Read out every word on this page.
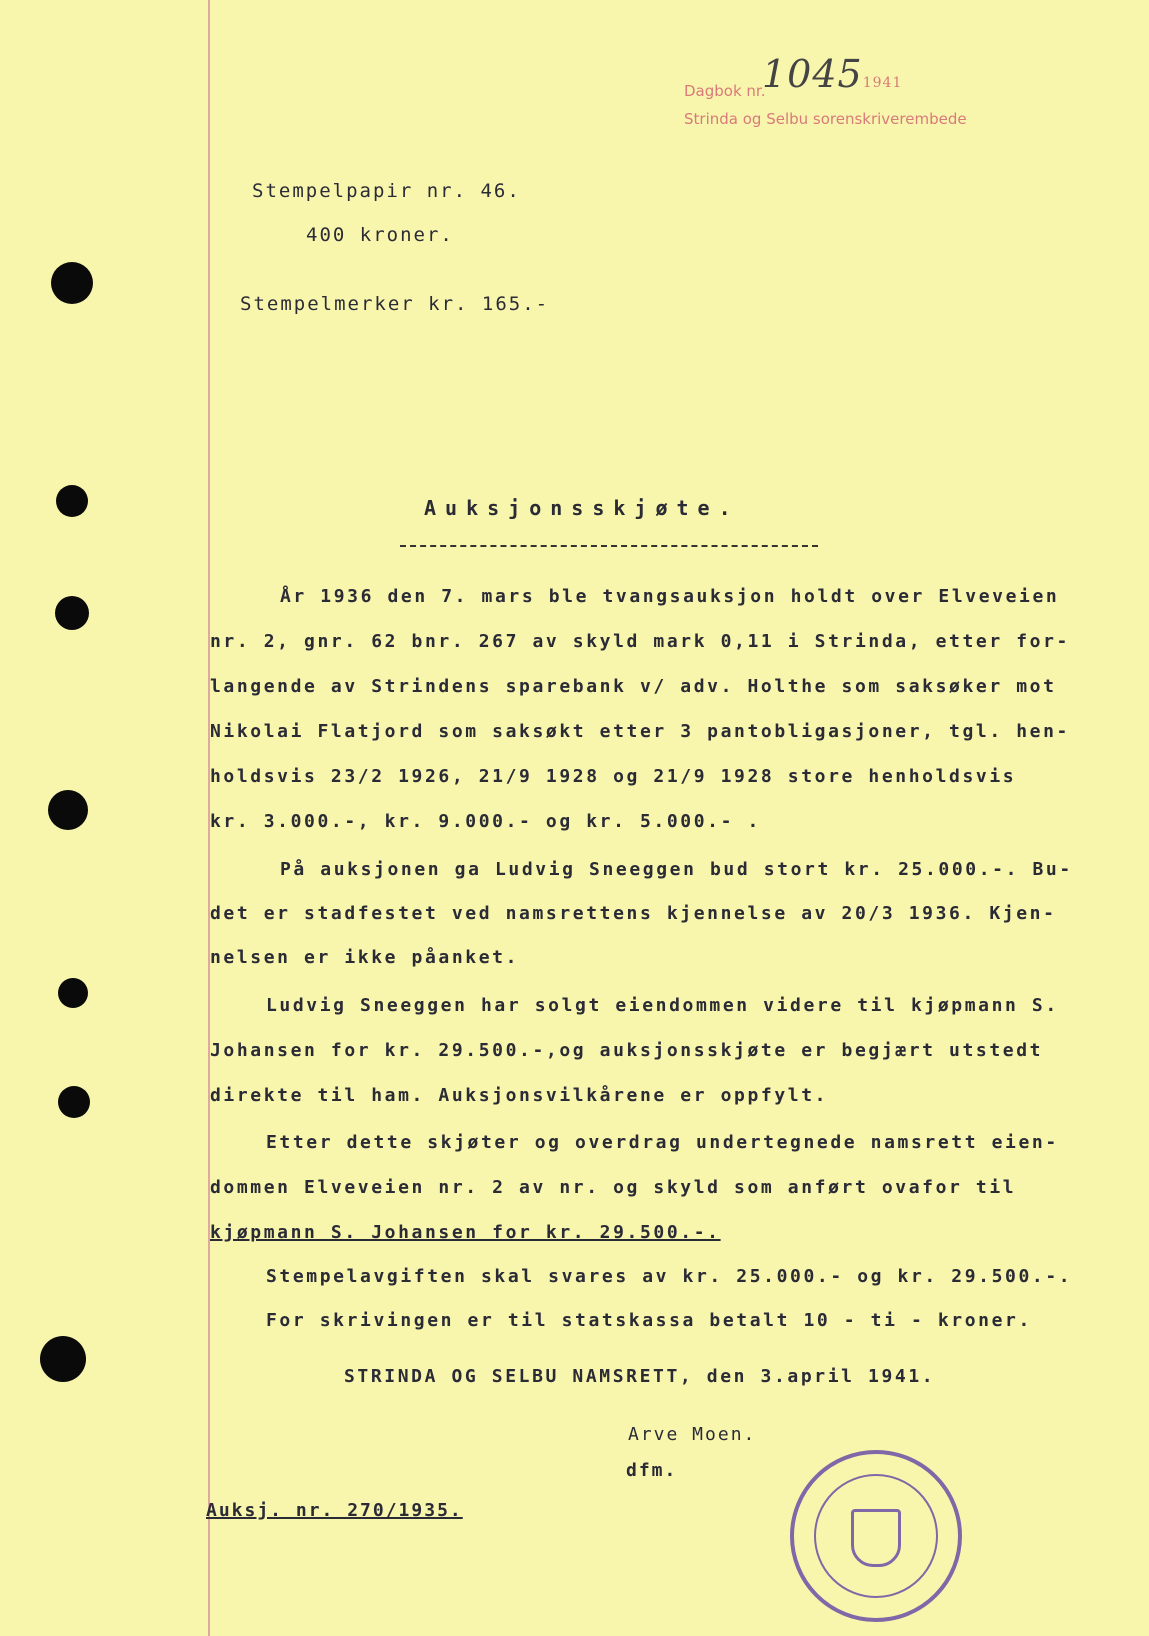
Dagbok nr.
10451941
Strinda og Selbu sorenskriverembede
Stempelpapir nr. 46.
400 kroner.
Stempelmerker kr. 165.-
Auksjonsskjøte.
År 1936 den 7. mars ble tvangsauksjon holdt over Elveveien
nr. 2, gnr. 62 bnr. 267 av skyld mark 0,11 i Strinda, etter for-
langende av Strindens sparebank v/ adv. Holthe som saksøker mot
Nikolai Flatjord som saksøkt etter 3 pantobligasjoner, tgl. hen-
holdsvis 23/2 1926, 21/9 1928 og 21/9 1928 store henholdsvis
kr. 3.000.-, kr. 9.000.- og kr. 5.000.- .
På auksjonen ga Ludvig Sneeggen bud stort kr. 25.000.-. Bu-
det er stadfestet ved namsrettens kjennelse av 20/3 1936. Kjen-
nelsen er ikke påanket.
Ludvig Sneeggen har solgt eiendommen videre til kjøpmann S.
Johansen for kr. 29.500.-,og auksjonsskjøte er begjært utstedt
direkte til ham. Auksjonsvilkårene er oppfylt.
Etter dette skjøter og overdrag undertegnede namsrett eien-
dommen Elveveien nr. 2 av nr. og skyld som anført ovafor til
kjøpmann S. Johansen for kr. 29.500.-.
Stempelavgiften skal svares av kr. 25.000.- og kr. 29.500.-.
For skrivingen er til statskassa betalt 10 - ti - kroner.
STRINDA OG SELBU NAMSRETT, den 3.april 1941.
Arve Moen.
dfm.
Auksj. nr. 270/1935.
